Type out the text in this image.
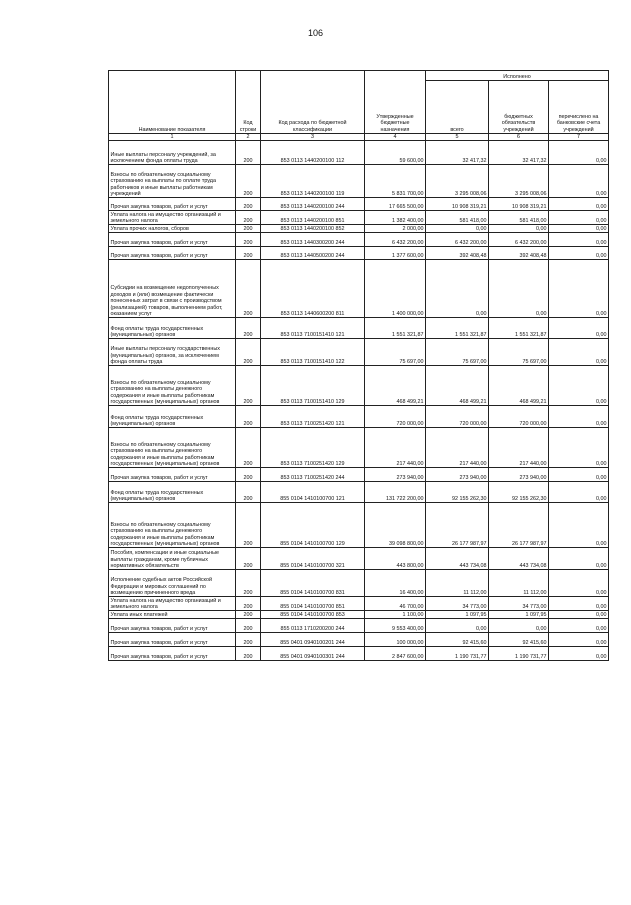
106
Наименование показателя	Код строки	Код расхода по бюджетной классификации	Утвержденные бюджетные назначения	Исполнено		
				всего	бюджетных обязательств учреждений	перечислено на банковские счета учреждений
1	2	3	4	5	6	7
Иные выплаты персоналу учреждений, за исключением фонда оплаты труда	200	853 0113 1440200100 112	59 600,00	32 417,32	32 417,32	0,00
Взносы по обязательному социальному страхованию на выплаты по оплате труда работников и иные выплаты работникам учреждений	200	853 0113 1440200100 119	5 831 700,00	3 295 008,06	3 295 008,06	0,00
Прочая закупка товаров, работ и услуг	200	853 0113 1440200100 244	17 665 500,00	10 908 319,21	10 908 319,21	0,00
Уплата налога на имущество организаций и земельного налога	200	853 0113 1440200100 851	1 382 400,00	581 418,00	581 418,00	0,00
Уплата прочих налогов, сборов	200	853 0113 1440200100 852	2 000,00	0,00	0,00	0,00
Прочая закупка товаров, работ и услуг	200	853 0113 1440300200 244	6 432 200,00	6 432 200,00	6 432 200,00	0,00
Прочая закупка товаров, работ и услуг	200	853 0113 1440500200 244	1 377 600,00	392 408,48	392 408,48	0,00
Субсидии на возмещение недополученных доходов и (или) возмещение фактически понесенных затрат в связи с производством (реализацией) товаров, выполнением работ, оказанием услуг	200	853 0113 1440600200 811	1 400 000,00	0,00	0,00	0,00
Фонд оплаты труда государственных (муниципальных) органов	200	853 0113 7100151410 121	1 551 321,87	1 551 321,87	1 551 321,87	0,00
Иные выплаты персоналу государственных (муниципальных) органов, за исключением фонда оплаты труда	200	853 0113 7100151410 122	75 697,00	75 697,00	75 697,00	0,00
Взносы по обязательному социальному страхованию на выплаты денежного содержания и иные выплаты работникам государственных (муниципальных) органов	200	853 0113 7100151410 129	468 499,21	468 499,21	468 499,21	0,00
Фонд оплаты труда государственных (муниципальных) органов	200	853 0113 7100251420 121	720 000,00	720 000,00	720 000,00	0,00
Взносы по обязательному социальному страхованию на выплаты денежного содержания и иные выплаты работникам государственных (муниципальных) органов	200	853 0113 7100251420 129	217 440,00	217 440,00	217 440,00	0,00
Прочая закупка товаров, работ и услуг	200	853 0113 7100251420 244	273 940,00	273 940,00	273 940,00	0,00
Фонд оплаты труда государственных (муниципальных) органов	200	855 0104 1410100700 121	131 722 200,00	92 155 262,30	92 155 262,30	0,00
Взносы по обязательному социальному страхованию на выплаты денежного содержания и иные выплаты работникам государственных (муниципальных) органов	200	855 0104 1410100700 129	39 098 800,00	26 177 987,97	26 177 987,97	0,00
Пособия, компенсации и иные социальные выплаты гражданам, кроме публичных нормативных обязательств	200	855 0104 1410100700 321	443 800,00	443 734,08	443 734,08	0,00
Исполнение судебных актов Российской Федерации и мировых соглашений по возмещению причиненного вреда	200	855 0104 1410100700 831	16 400,00	11 112,00	11 112,00	0,00
Уплата налога на имущество организаций и земельного налога	200	855 0104 1410100700 851	46 700,00	34 773,00	34 773,00	0,00
Уплата иных платежей	200	855 0104 1410100700 853	1 100,00	1 097,95	1 097,95	0,00
Прочая закупка товаров, работ и услуг	200	855 0113 1710200200 244	9 553 400,00	0,00	0,00	0,00
Прочая закупка товаров, работ и услуг	200	855 0401 0940100201 244	100 000,00	92 415,60	92 415,60	0,00
Прочая закупка товаров, работ и услуг	200	855 0401 0940100301 244	2 847 600,00	1 190 731,77	1 190 731,77	0,00
